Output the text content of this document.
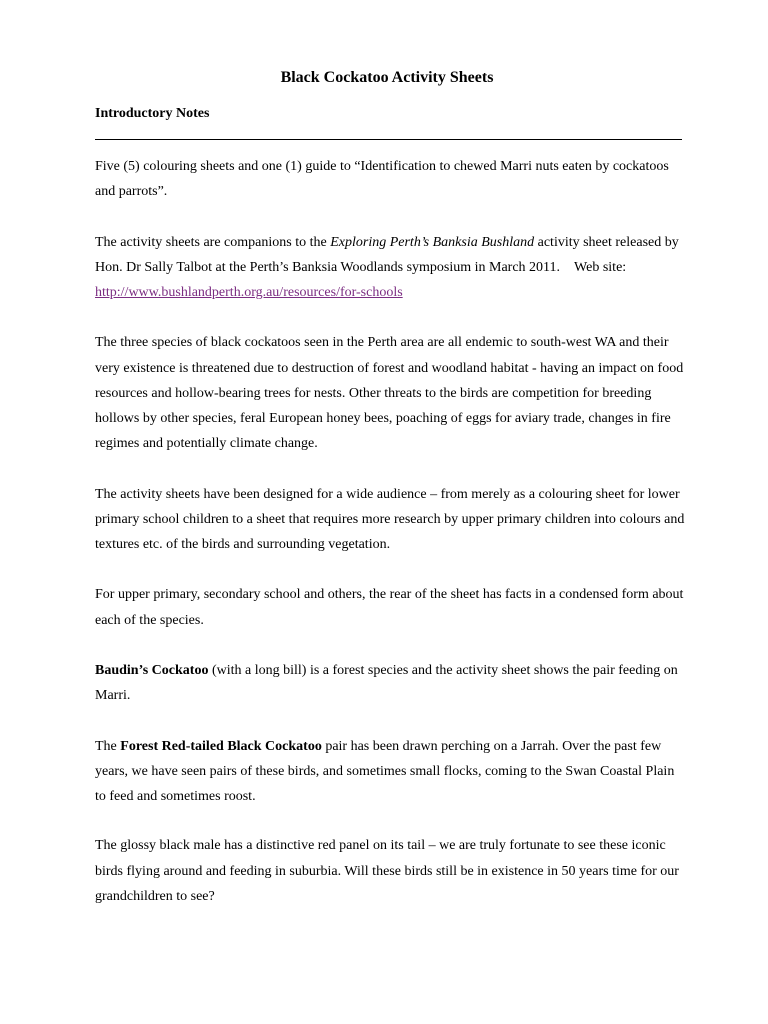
Black Cockatoo Activity Sheets
Introductory Notes

Five (5) colouring sheets and one (1) guide to “Identification to chewed Marri nuts eaten by cockatoos and parrots”.

The activity sheets are companions to the Exploring Perth’s Banksia Bushland activity sheet released by Hon. Dr Sally Talbot at the Perth’s Banksia Woodlands symposium in March 2011.    Web site: http://www.bushlandperth.org.au/resources/for-schools

The three species of black cockatoos seen in the Perth area are all endemic to south-west WA and their very existence is threatened due to destruction of forest and woodland habitat - having an impact on food resources and hollow-bearing trees for nests. Other threats to the birds are competition for breeding hollows by other species, feral European honey bees, poaching of eggs for aviary trade, changes in fire regimes and potentially climate change.

The activity sheets have been designed for a wide audience – from merely as a colouring sheet for lower primary school children to a sheet that requires more research by upper primary children into colours and textures etc. of the birds and surrounding vegetation.

For upper primary, secondary school and others, the rear of the sheet has facts in a condensed form about each of the species.

Baudin’s Cockatoo (with a long bill) is a forest species and the activity sheet shows the pair feeding on Marri.

The Forest Red-tailed Black Cockatoo pair has been drawn perching on a Jarrah. Over the past few years, we have seen pairs of these birds, and sometimes small flocks, coming to the Swan Coastal Plain to feed and sometimes roost.

The glossy black male has a distinctive red panel on its tail – we are truly fortunate to see these iconic birds flying around and feeding in suburbia. Will these birds still be in existence in 50 years time for our grandchildren to see?
